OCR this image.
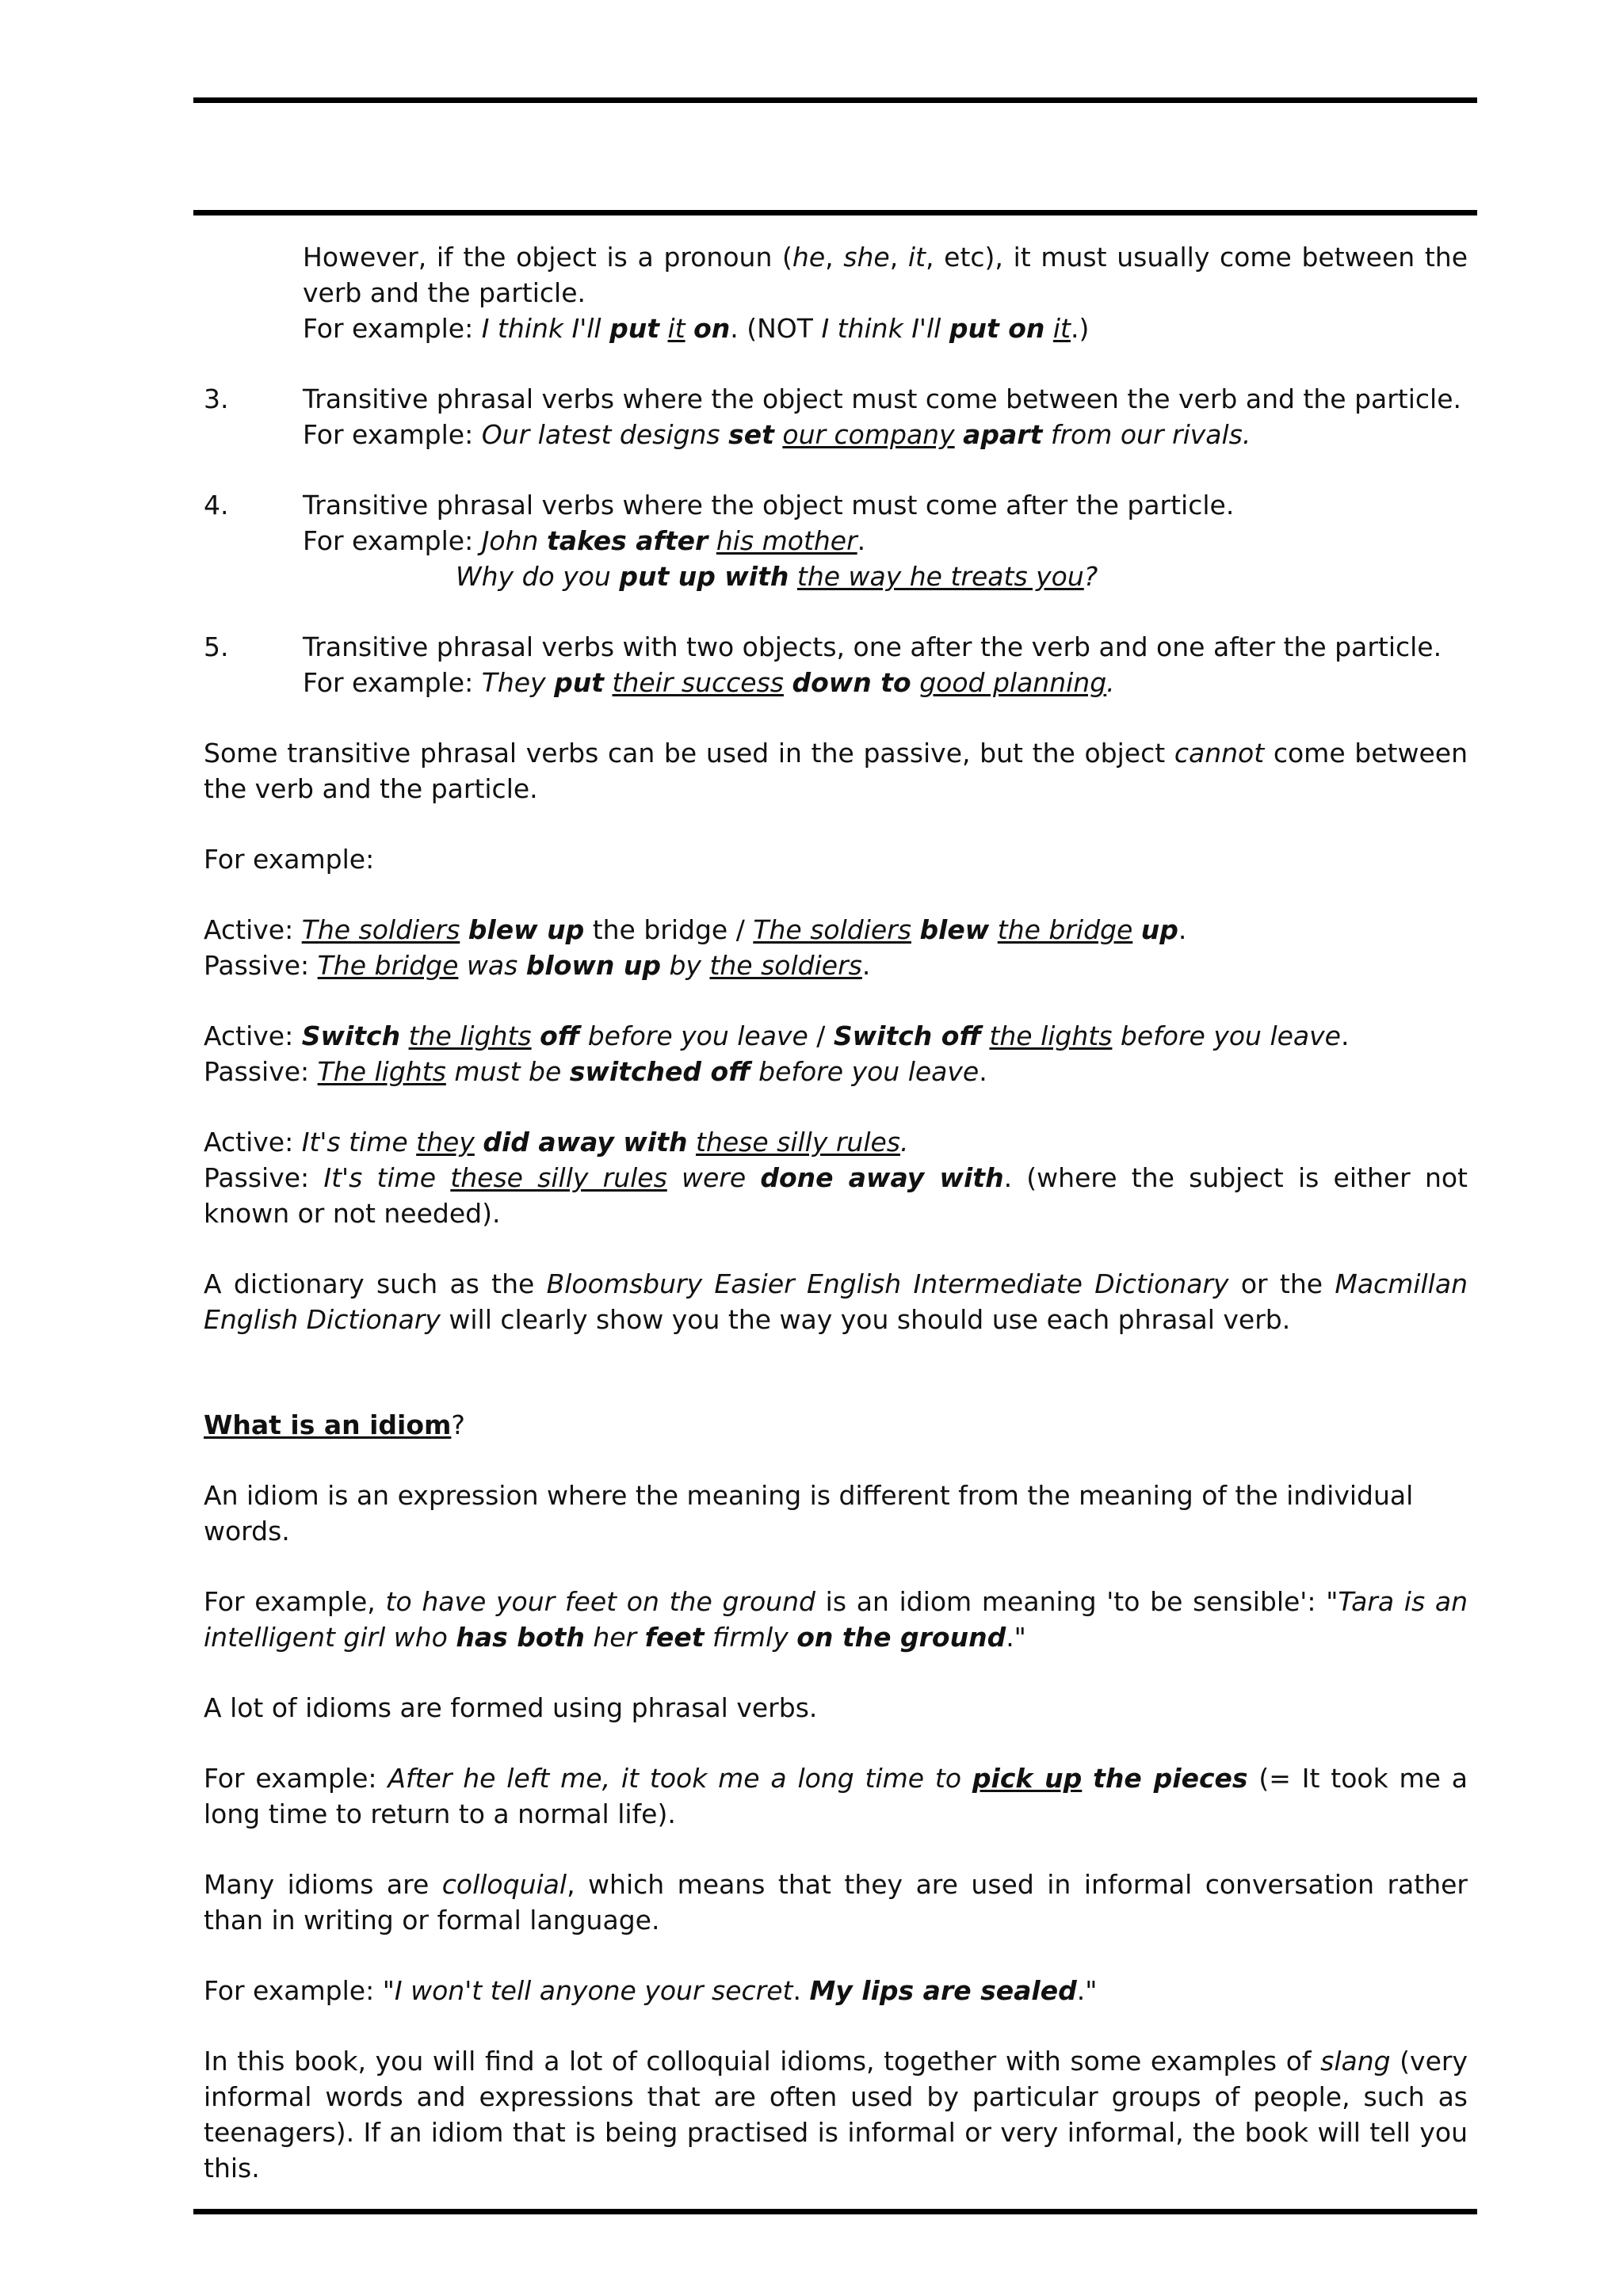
However, if the object is a pronoun (he, she, it, etc), it must usually come between the verb and the particle.

For example: I think I'll put it on. (NOT I think I'll put on it.)

3.	Transitive phrasal verbs where the object must come between the verb and the particle.

For example: Our latest designs set our company apart from our rivals.

4.	Transitive phrasal verbs where the object must come after the particle.

For example: John takes after his mother.

Why do you put up with the way he treats you?

5.	Transitive phrasal verbs with two objects, one after the verb and one after the particle.

For example: They put their success down to good planning.

Some transitive phrasal verbs can be used in the passive, but the object cannot come between the verb and the particle.

For example:

Active: The soldiers blew up the bridge / The soldiers blew the bridge up.

Passive: The bridge was blown up by the soldiers.

Active: Switch the lights off before you leave / Switch off the lights before you leave.

Passive: The lights must be switched off before you leave.

Active: It's time they did away with these silly rules.

Passive: It's time these silly rules were done away with. (where the subject is either not known or not needed).

A dictionary such as the Bloomsbury Easier English Intermediate Dictionary or the Macmillan English Dictionary will clearly show you the way you should use each phrasal verb.

What is an idiom?

An idiom is an expression where the meaning is different from the meaning of the individual words.

For example, to have your feet on the ground is an idiom meaning 'to be sensible': "Tara is an intelligent girl who has both her feet firmly on the ground."

A lot of idioms are formed using phrasal verbs.

For example: After he left me, it took me a long time to pick up the pieces (= It took me a long time to return to a normal life).

Many idioms are colloquial, which means that they are used in informal conversation rather than in writing or formal language.

For example: "I won't tell anyone your secret. My lips are sealed."

In this book, you will find a lot of colloquial idioms, together with some examples of slang (very informal words and expressions that are often used by particular groups of people, such as teenagers). If an idiom that is being practised is informal or very informal, the book will tell you this.
